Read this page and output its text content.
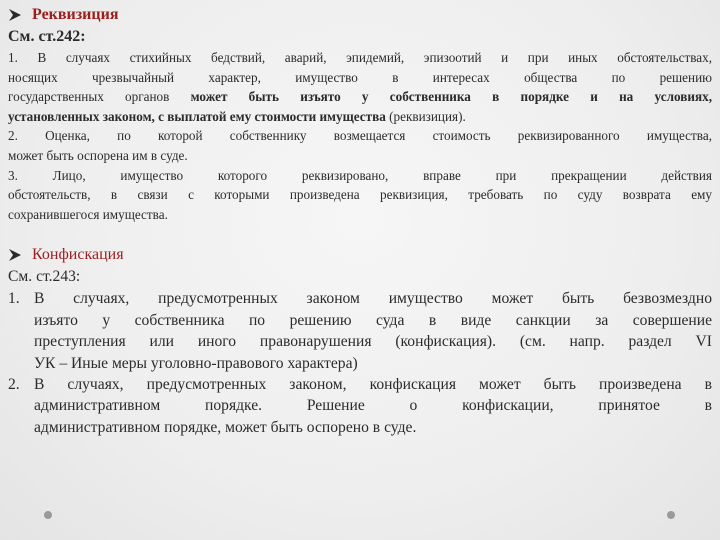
Реквизиция
См. ст.242:
1. В случаях стихийных бедствий, аварий, эпидемий, эпизоотий и при иных обстоятельствах,
носящих чрезвычайный характер, имущество в интересах общества по решению
государственных органов может быть изъято у собственника в порядке и на условиях,
установленных законом, с выплатой ему стоимости имущества (реквизиция).
2. Оценка, по которой собственнику возмещается стоимость реквизированного имущества,
может быть оспорена им в суде.
3. Лицо, имущество которого реквизировано, вправе при прекращении действия
обстоятельств, в связи с которыми произведена реквизиция, требовать по суду возврата ему
сохранившегося имущества.
Конфискация

См. ст.243:

1. В случаях, предусмотренных законом имущество может быть безвозмездно
изъято у собственника по решению суда в виде санкции за совершение
преступления или иного правонарушения (конфискация). (см. напр. раздел VI
УК – Иные меры уголовно-правового характера)
2. В случаях, предусмотренных законом, конфискация может быть произведена в
административном порядке. Решение о конфискации, принятое в
административном порядке, может быть оспорено в суде.
